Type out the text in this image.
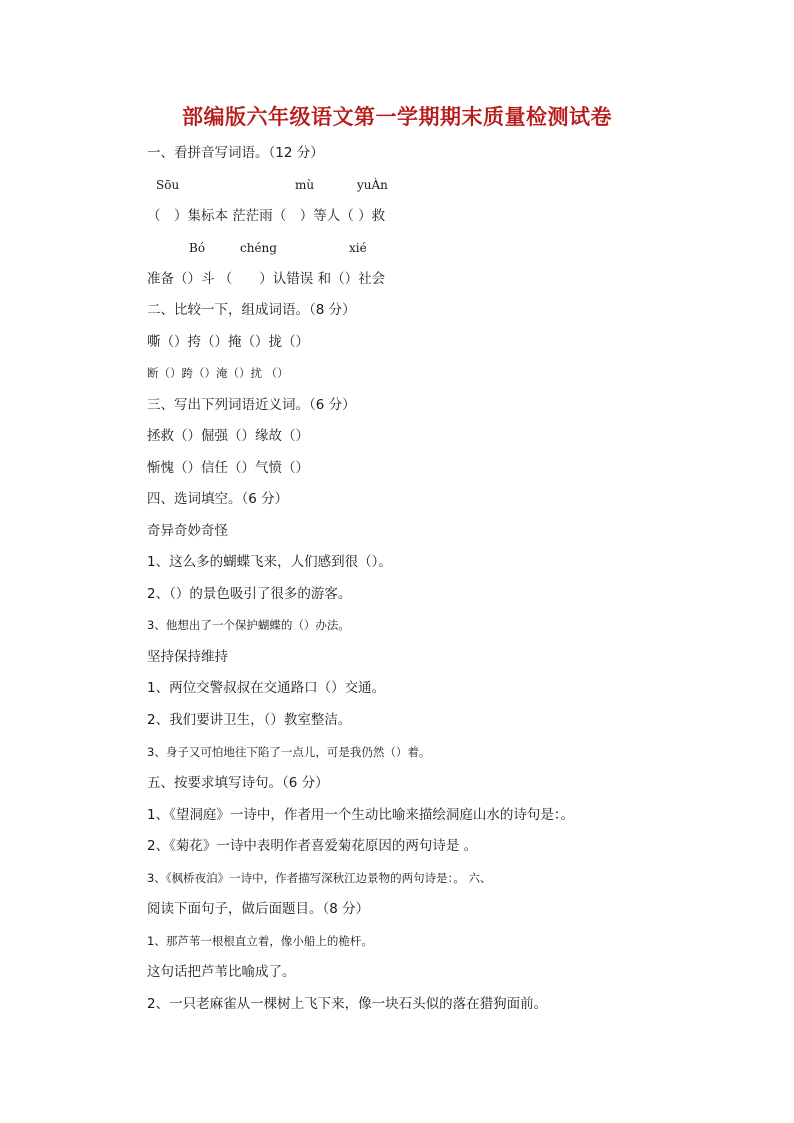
部编版六年级语文第一学期期末质量检测试卷
一、看拼音写词语。（12 分）
Sōu	mù	yuÀn
（　）集标本 茫茫雨（　）等人（ ）救
Bó	chéng	xié
准备（）斗 （　　）认错误 和（）社会
二、比较一下，组成词语。（8 分）
嘶（）挎（）掩（）拢（）
断（）跨（）淹（）扰 （）
三、写出下列词语近义词。（6 分）
拯救（）倔强（）缘故（）
惭愧（）信任（）气愤（）
四、选词填空。（6 分）
奇异奇妙奇怪
1、这么多的蝴蝶飞来，人们感到很（）。
2、（）的景色吸引了很多的游客。
3、他想出了一个保护蝴蝶的（）办法。
坚持保持维持
1、两位交警叔叔在交通路口（）交通。
2、我们要讲卫生，（）教室整洁。
3、身子又可怕地往下陷了一点儿，可是我仍然（）着。
五、按要求填写诗句。（6 分）
1、《望洞庭》一诗中，作者用一个生动比喻来描绘洞庭山水的诗句是：。
2、《菊花》一诗中表明作者喜爱菊花原因的两句诗是 。
3、《枫桥夜泊》一诗中，作者描写深秋江边景物的两句诗是：。 六、
阅读下面句子，做后面题目。（8 分）
1、那芦苇一根根直立着，像小船上的桅杆。
这句话把芦苇比喻成了。
2、一只老麻雀从一棵树上飞下来，像一块石头似的落在猎狗面前。
